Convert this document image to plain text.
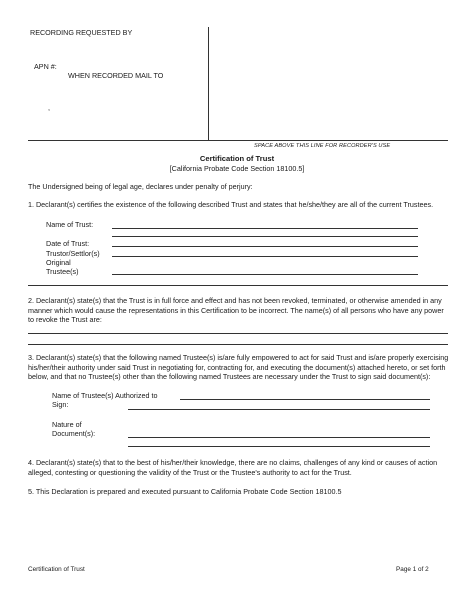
RECORDING REQUESTED BY
APN #:
WHEN RECORDED MAIL TO
,
SPACE ABOVE THIS LINE FOR RECORDER'S USE
Certification of Trust
[California Probate Code Section 18100.5]
The Undersigned being of legal age, declares under penalty of perjury:
1. Declarant(s) certifies the existence of the following described Trust and states that he/she/they are all of the current Trustees.
Name of Trust:
Date of Trust:
Trustor/Settlor(s)
Original
Trustee(s)
2. Declarant(s) state(s) that the Trust is in full force and effect and has not been revoked, terminated, or otherwise amended in any manner which would cause the representations in this Certification to be incorrect. The name(s) of all persons who have any power to revoke the Trust are:
3. Declarant(s) state(s) that the following named Trustee(s) is/are fully empowered to act for said Trust and is/are properly exercising his/her/their authority under said Trust in negotiating for, contracting for, and executing the document(s) attached hereto, or set forth below, and that no Trustee(s) other than the following named Trustees are necessary under the Trust to sign said document(s):
Name of Trustee(s) Authorized to
Sign:
Nature of
Document(s):
4. Declarant(s) state(s) that to the best of his/her/their knowledge, there are no claims, challenges of any kind or causes of action alleged, contesting or questioning the validity of the Trust or the Trustee's authority to act for the Trust.
5. This Declaration is prepared and executed pursuant to California Probate Code Section 18100.5
Certification of Trust	Page 1 of 2
